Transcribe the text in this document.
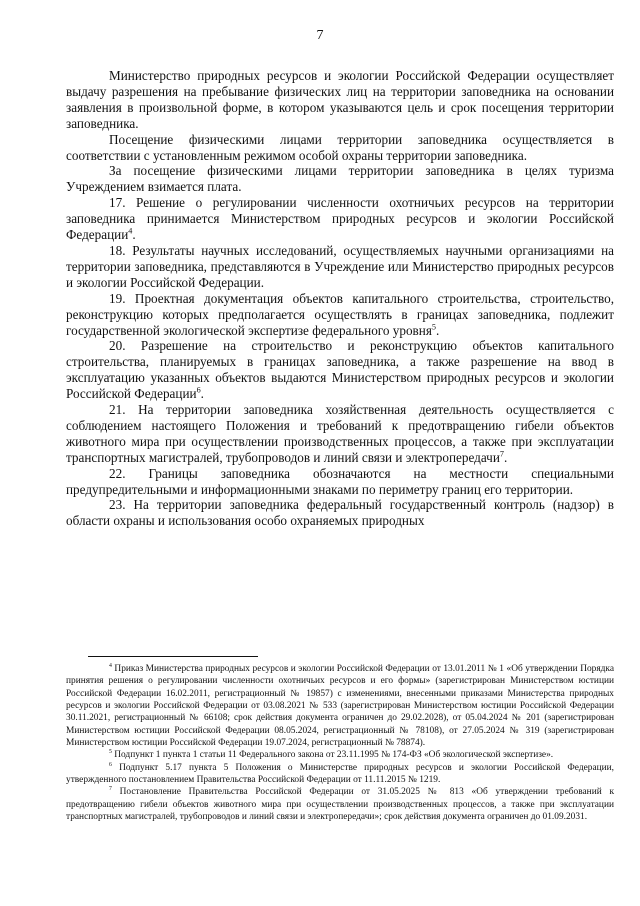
7

Министерство природных ресурсов и экологии Российской Федерации осуществляет выдачу разрешения на пребывание физических лиц на территории заповедника на основании заявления в произвольной форме, в котором указываются цель и срок посещения территории заповедника.

Посещение физическими лицами территории заповедника осуществляется в соответствии с установленным режимом особой охраны территории заповедника.

За посещение физическими лицами территории заповедника в целях туризма Учреждением взимается плата.

17. Решение о регулировании численности охотничьих ресурсов на территории заповедника принимается Министерством природных ресурсов и экологии Российской Федерации$^4$.

18. Результаты научных исследований, осуществляемых научными организациями на территории заповедника, представляются в Учреждение или Министерство природных ресурсов и экологии Российской Федерации.

19. Проектная документация объектов капитального строительства, строительство, реконструкцию которых предполагается осуществлять в границах заповедника, подлежит государственной экологической экспертизе федерального уровня$^5$.

20. Разрешение на строительство и реконструкцию объектов капитального строительства, планируемых в границах заповедника, а также разрешение на ввод в эксплуатацию указанных объектов выдаются Министерством природных ресурсов и экологии Российской Федерации$^6$.

21. На территории заповедника хозяйственная деятельность осуществляется с соблюдением настоящего Положения и требований к предотвращению гибели объектов животного мира при осуществлении производственных процессов, а также при эксплуатации транспортных магистралей, трубопроводов и линий связи и электропередачи$^7$.

22. Границы заповедника обозначаются на местности специальными предупредительными и информационными знаками по периметру границ его территории.

23. На территории заповедника федеральный государственный контроль (надзор) в области охраны и использования особо охраняемых природных

$^4$ Приказ Министерства природных ресурсов и экологии Российской Федерации от 13.01.2011 № 1 «Об утверждении Порядка принятия решения о регулировании численности охотничьих ресурсов и его формы» (зарегистрирован Министерством юстиции Российской Федерации 16.02.2011, регистрационный № 19857) с изменениями, внесенными приказами Министерства природных ресурсов и экологии Российской Федерации от 03.08.2021 № 533 (зарегистрирован Министерством юстиции Российской Федерации 30.11.2021, регистрационный № 66108; срок действия документа ограничен до 29.02.2028), от 05.04.2024 № 201 (зарегистрирован Министерством юстиции Российской Федерации 08.05.2024, регистрационный № 78108), от 27.05.2024 № 319 (зарегистрирован Министерством юстиции Российской Федерации 19.07.2024, регистрационный № 78874).

$^5$ Подпункт 1 пункта 1 статьи 11 Федерального закона от 23.11.1995 № 174-ФЗ «Об экологической экспертизе».

$^6$ Подпункт 5.17 пункта 5 Положения о Министерстве природных ресурсов и экологии Российской Федерации, утвержденного постановлением Правительства Российской Федерации от 11.11.2015 № 1219.

$^7$ Постановление Правительства Российской Федерации от 31.05.2025 № 813 «Об утверждении требований к предотвращению гибели объектов животного мира при осуществлении производственных процессов, а также при эксплуатации транспортных магистралей, трубопроводов и линий связи и электропередачи»; срок действия документа ограничен до 01.09.2031.
